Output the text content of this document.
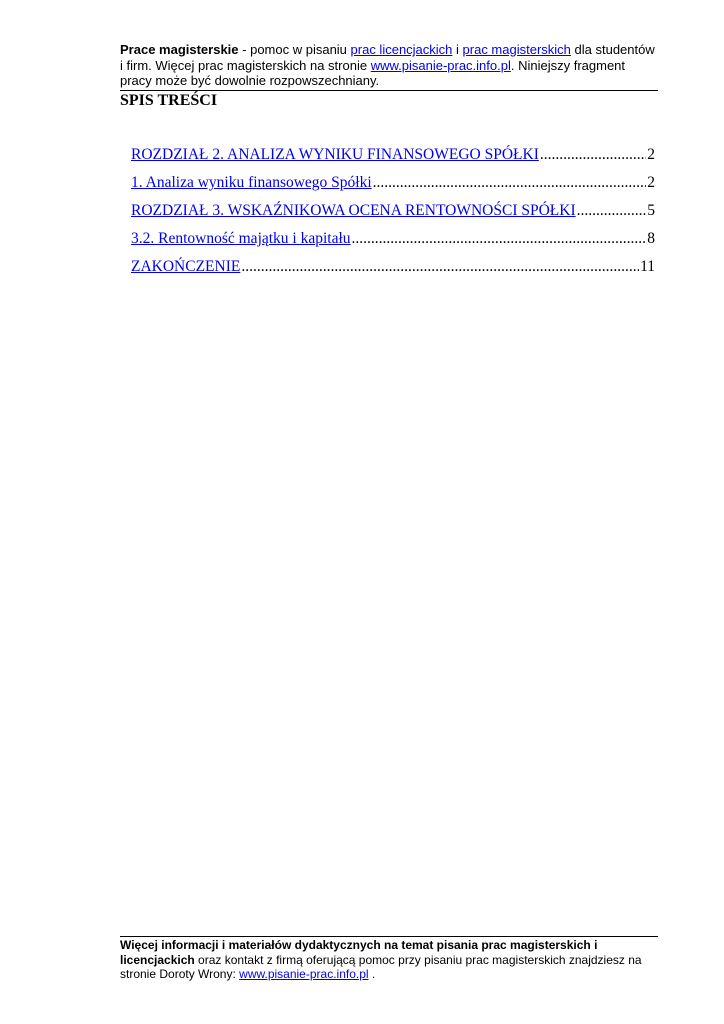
Prace magisterskie - pomoc w pisaniu prac licencjackich i prac magisterskich dla studentów i firm. Więcej prac magisterskich na stronie www.pisanie-prac.info.pl. Niniejszy fragment pracy może być dowolnie rozpowszechniany.
SPIS TREŚCI
ROZDZIAŁ 2. ANALIZA WYNIKU FINANSOWEGO SPÓŁKI .....	2
1. Analiza wyniku finansowego Spółki .....	2
ROZDZIAŁ 3. WSKAŹNIKOWA OCENA RENTOWNOŚCI SPÓŁKI .....	5
3.2. Rentowność majątku i kapitału .....	8
ZAKOŃCZENIE .....	11
Więcej informacji i materiałów dydaktycznych na temat pisania prac magisterskich i licencjackich oraz kontakt z firmą oferującą pomoc przy pisaniu prac magisterskich znajdziesz na stronie Doroty Wrony: www.pisanie-prac.info.pl .
